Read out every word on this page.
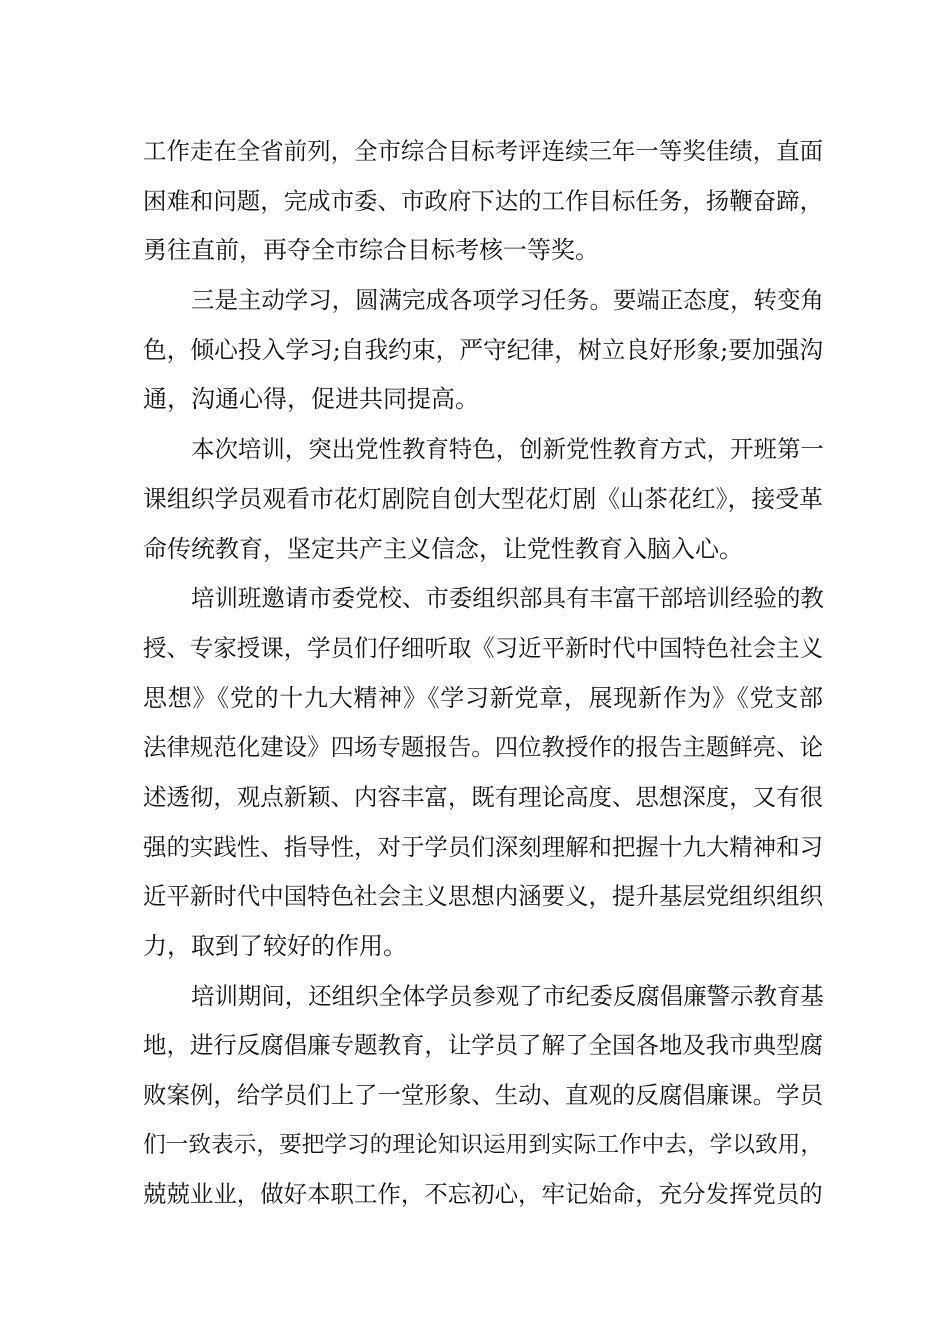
工作走在全省前列，全市综合目标考评连续三年一等奖佳绩，直面
困难和问题，完成市委、市政府下达的工作目标任务，扬鞭奋蹄，
勇往直前，再夺全市综合目标考核一等奖。
三是主动学习，圆满完成各项学习任务。要端正态度，转变角
色，倾心投入学习;自我约束，严守纪律，树立良好形象;要加强沟
通，沟通心得，促进共同提高。
本次培训，突出党性教育特色，创新党性教育方式，开班第一
课组织学员观看市花灯剧院自创大型花灯剧《山茶花红》，接受革
命传统教育，坚定共产主义信念，让党性教育入脑入心。
培训班邀请市委党校、市委组织部具有丰富干部培训经验的教
授、专家授课，学员们仔细听取《习近平新时代中国特色社会主义
思想》《党的十九大精神》《学习新党章，展现新作为》《党支部
法律规范化建设》四场专题报告。四位教授作的报告主题鲜亮、论
述透彻，观点新颖、内容丰富，既有理论高度、思想深度，又有很
强的实践性、指导性，对于学员们深刻理解和把握十九大精神和习
近平新时代中国特色社会主义思想内涵要义，提升基层党组织组织
力，取到了较好的作用。
培训期间，还组织全体学员参观了市纪委反腐倡廉警示教育基
地，进行反腐倡廉专题教育，让学员了解了全国各地及我市典型腐
败案例，给学员们上了一堂形象、生动、直观的反腐倡廉课。学员
们一致表示，要把学习的理论知识运用到实际工作中去，学以致用，
兢兢业业，做好本职工作，不忘初心，牢记始命，充分发挥党员的
